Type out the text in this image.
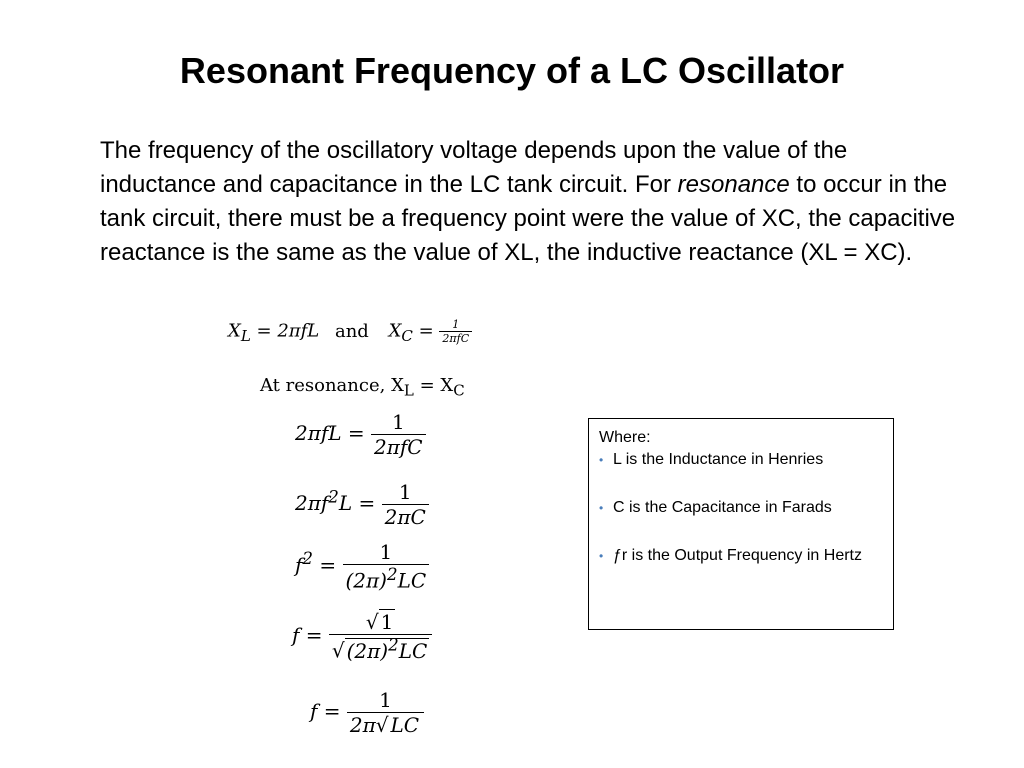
Resonant Frequency of a LC Oscillator
The frequency of the oscillatory voltage depends upon the value of the inductance and capacitance in the LC tank circuit. For resonance to occur in the tank circuit, there must be a frequency point were the value of XC, the capacitive reactance is the same as the value of XL, the inductive reactance (XL = XC).
$X_L = 2\pi fL$ and $X_C = \frac{1}{\text{2πfC}}$
At resonance, $X_L = X_C$
$2\pi fL = \frac{1}{\text{2πfC}}$
$2\pi f^2L = \frac{1}{2\pi C}$
$f^2 = \frac{1}{(2\pi)^2LC}$
$f = \frac{√ 1}{√ (2\pi)^2LC}$
$f = \frac{1}{2\pi√ LC}$

Where:

• L is the Inductance in Henries

• C is the Capacitance in Farads

• ƒr is the Output Frequency in Hertz
